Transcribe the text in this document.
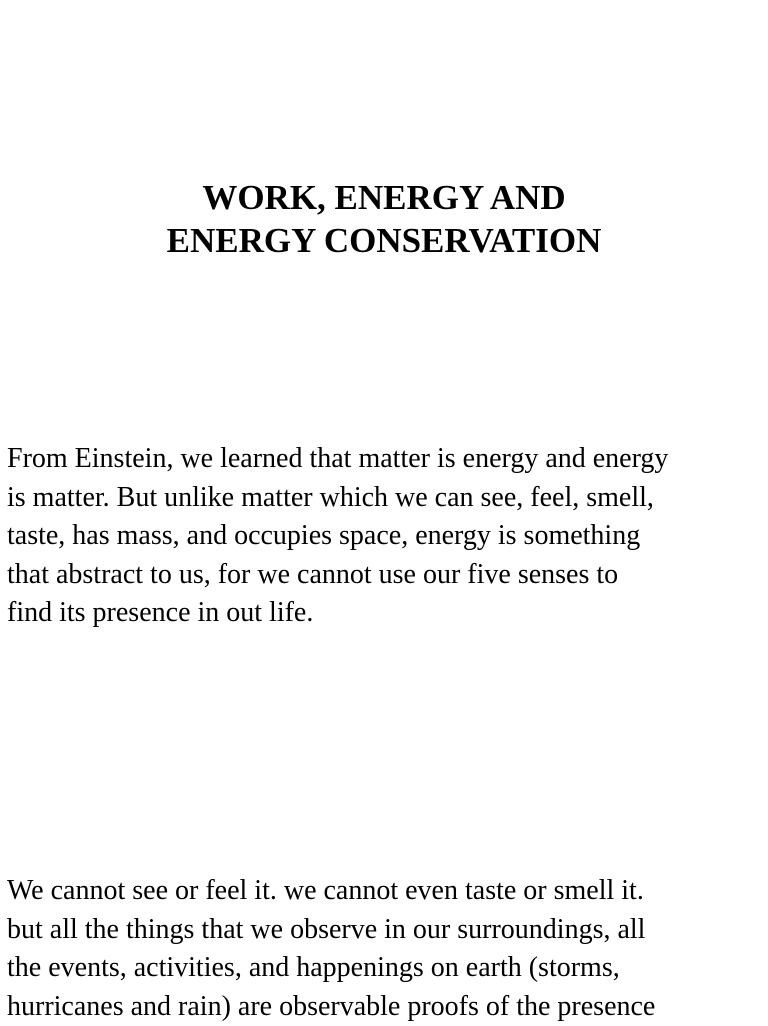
WORK, ENERGY AND
ENERGY CONSERVATION

From Einstein, we learned that matter is energy and energy
is matter. But unlike matter which we can see, feel, smell,
taste, has mass, and occupies space, energy is something
that abstract to us, for we cannot use our five senses to
find its presence in out life.

We cannot see or feel it. we cannot even taste or smell it.
but all the things that we observe in our surroundings, all
the events, activities, and happenings on earth (storms,
hurricanes and rain) are observable proofs of the presence
